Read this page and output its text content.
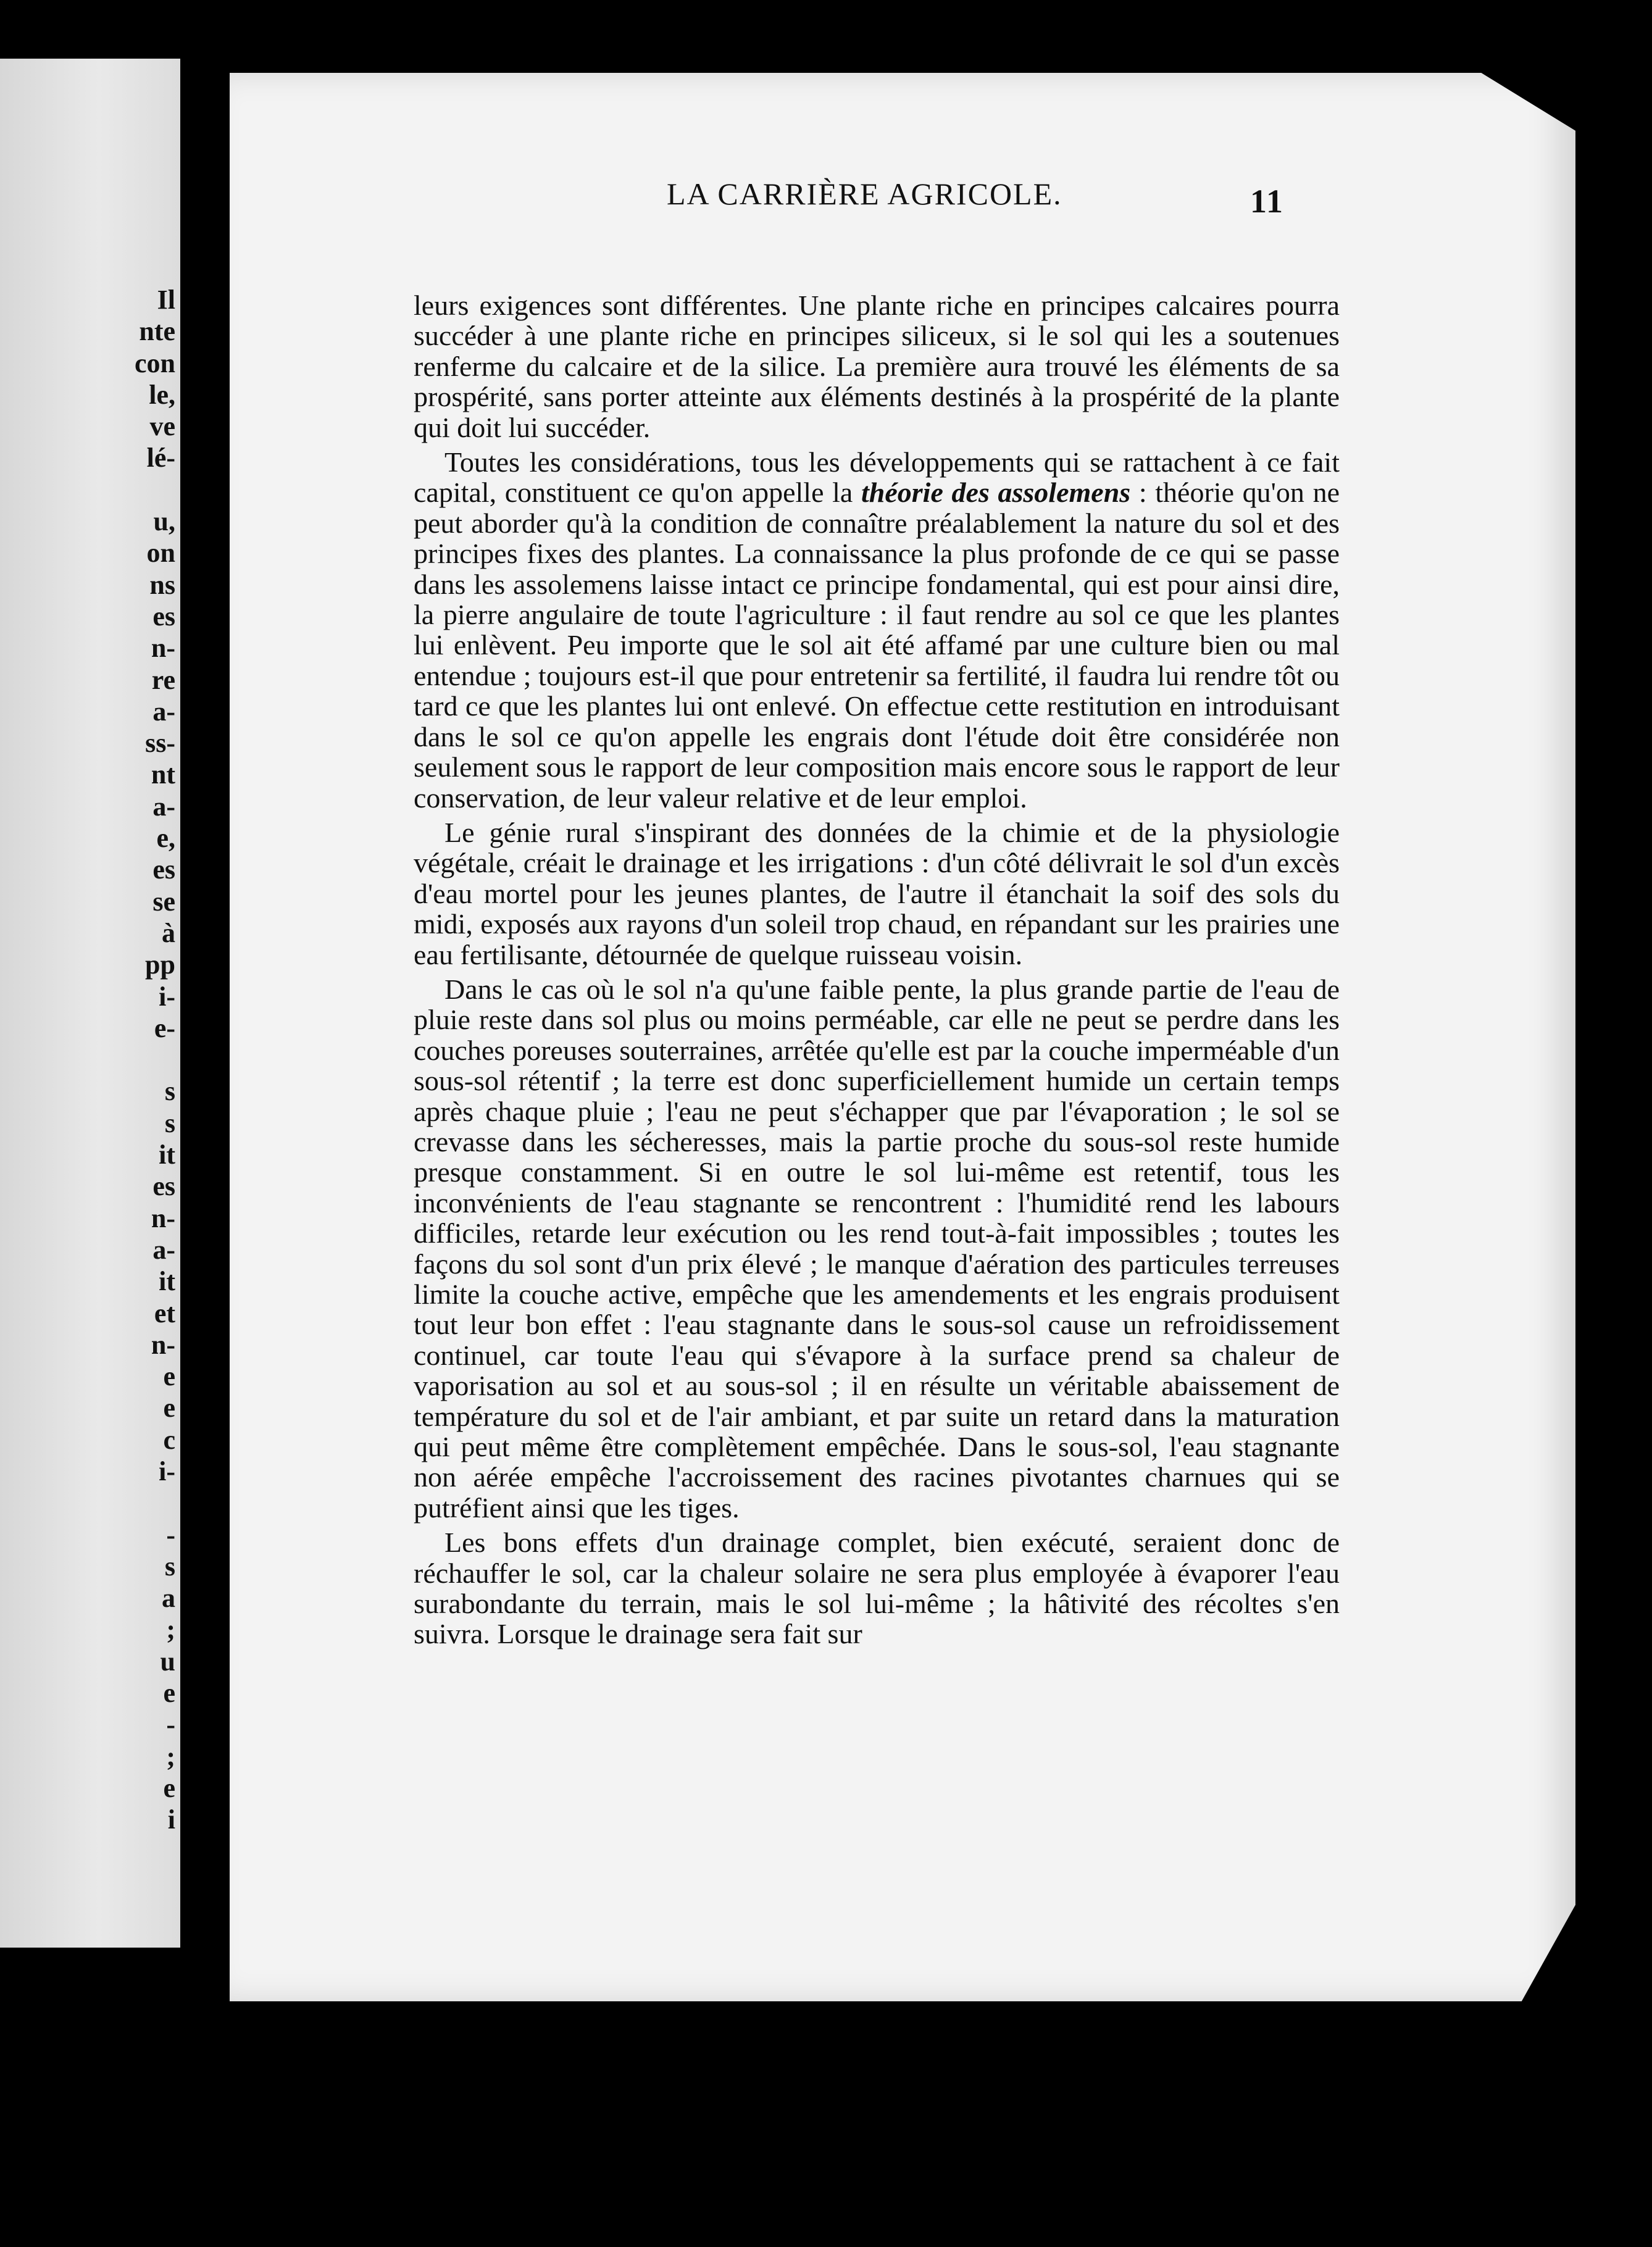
Il
nte
con
le,
ve
lé-
u,
on
ns
es
n-
re
a-
ss-
nt
a-
e,
es
se
à
pp
i-
e-
s
s
it
es
n-
a-
it
et
n-
e
e
c
i-
-
s
a
;
u
e
-
;
e
i
LA CARRIÈRE AGRICOLE.	11

leurs exigences sont différentes. Une plante riche en principes calcaires pourra succéder à une plante riche en principes siliceux, si le sol qui les a soutenues renferme du calcaire et de la silice. La première aura trouvé les éléments de sa prospérité, sans porter atteinte aux éléments destinés à la prospérité de la plante qui doit lui succéder.

Toutes les considérations, tous les développements qui se rattachent à ce fait capital, constituent ce qu'on appelle la théorie des assolemens : théorie qu'on ne peut aborder qu'à la condition de connaître préalablement la nature du sol et des principes fixes des plantes. La connaissance la plus profonde de ce qui se passe dans les assolemens laisse intact ce principe fondamental, qui est pour ainsi dire, la pierre angulaire de toute l'agriculture : il faut rendre au sol ce que les plantes lui enlèvent. Peu importe que le sol ait été affamé par une culture bien ou mal entendue ; toujours est-il que pour entretenir sa fertilité, il faudra lui rendre tôt ou tard ce que les plantes lui ont enlevé. On effectue cette restitution en introduisant dans le sol ce qu'on appelle les engrais dont l'étude doit être considérée non seulement sous le rapport de leur composition mais encore sous le rapport de leur conservation, de leur valeur relative et de leur emploi.

Le génie rural s'inspirant des données de la chimie et de la physiologie végétale, créait le drainage et les irrigations : d'un côté délivrait le sol d'un excès d'eau mortel pour les jeunes plantes, de l'autre il étanchait la soif des sols du midi, exposés aux rayons d'un soleil trop chaud, en répandant sur les prairies une eau fertilisante, détournée de quelque ruisseau voisin.

Dans le cas où le sol n'a qu'une faible pente, la plus grande partie de l'eau de pluie reste dans sol plus ou moins perméable, car elle ne peut se perdre dans les couches poreuses souterraines, arrêtée qu'elle est par la couche imperméable d'un sous-sol rétentif ; la terre est donc superficiellement humide un certain temps après chaque pluie ; l'eau ne peut s'échapper que par l'évaporation ; le sol se crevasse dans les sécheresses, mais la partie proche du sous-sol reste humide presque constamment. Si en outre le sol lui-même est retentif, tous les inconvénients de l'eau stagnante se rencontrent : l'humidité rend les labours difficiles, retarde leur exécution ou les rend tout-à-fait impossibles ; toutes les façons du sol sont d'un prix élevé ; le manque d'aération des particules terreuses limite la couche active, empêche que les amendements et les engrais produisent tout leur bon effet : l'eau stagnante dans le sous-sol cause un refroidissement continuel, car toute l'eau qui s'évapore à la surface prend sa chaleur de vaporisation au sol et au sous-sol ; il en résulte un véritable abaissement de température du sol et de l'air ambiant, et par suite un retard dans la maturation qui peut même être complètement empêchée. Dans le sous-sol, l'eau stagnante non aérée empêche l'accroissement des racines pivotantes charnues qui se putréfient ainsi que les tiges.

Les bons effets d'un drainage complet, bien exécuté, seraient donc de réchauffer le sol, car la chaleur solaire ne sera plus employée à évaporer l'eau surabondante du terrain, mais le sol lui-même ; la hâtivité des récoltes s'en suivra. Lorsque le drainage sera fait sur
